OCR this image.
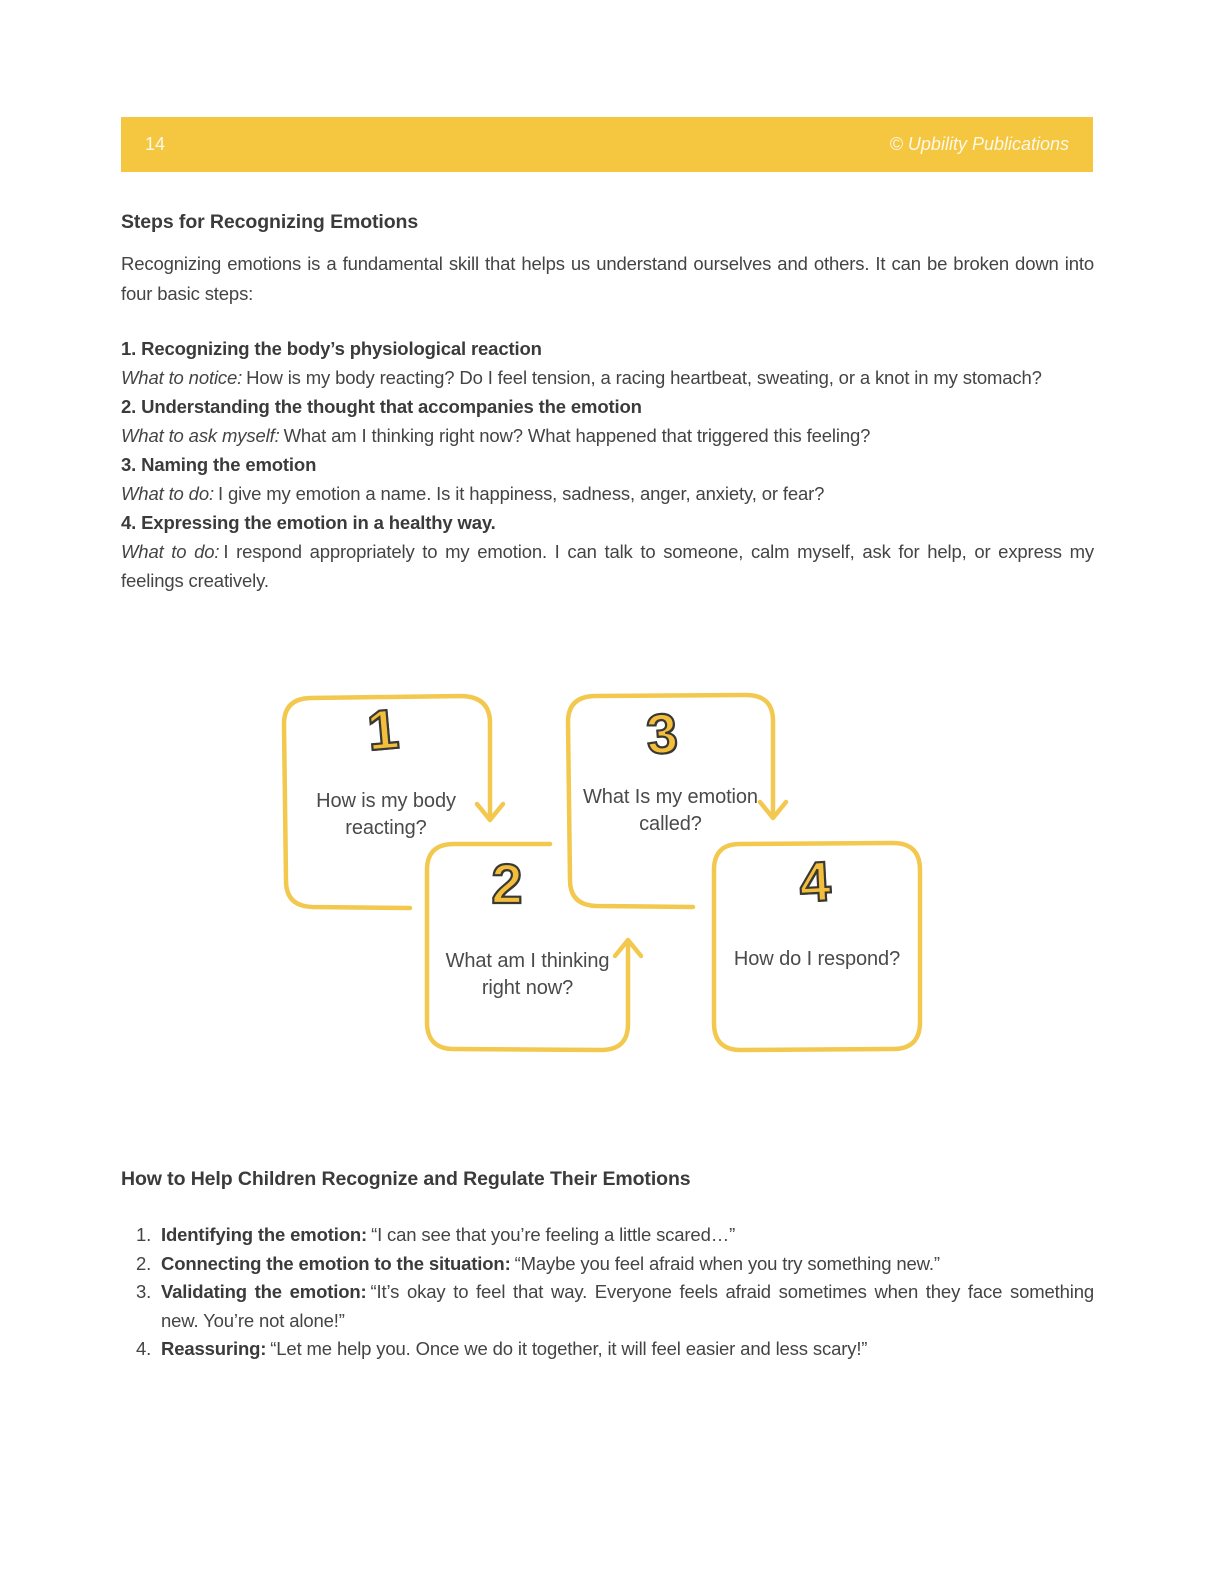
14	© Upbility Publications
Steps for Recognizing Emotions

Recognizing emotions is a fundamental skill that helps us understand ourselves and others. It can be broken down into four basic steps:

1. Recognizing the body’s physiological reaction
What to notice: How is my body reacting? Do I feel tension, a racing heartbeat, sweating, or a knot in my stomach?
2. Understanding the thought that accompanies the emotion
What to ask myself: What am I thinking right now? What happened that triggered this feeling?
3. Naming the emotion
What to do: I give my emotion a name. Is it happiness, sadness, anger, anxiety, or fear?
4. Expressing the emotion in a healthy way.
What to do: I respond appropriately to my emotion. I can talk to someone, calm myself, ask for help, or express my feelings creatively.
1
2
3
4
How is my body reacting?
What am I thinking right now?
What Is my emotion called?
How do I respond?
How to Help Children Recognize and Regulate Their Emotions
1. Identifying the emotion: “I can see that you’re feeling a little scared…”
2. Connecting the emotion to the situation: “Maybe you feel afraid when you try something new.”
3. Validating the emotion: “It’s okay to feel that way. Everyone feels afraid sometimes when they face something new. You’re not alone!”
4. Reassuring: “Let me help you. Once we do it together, it will feel easier and less scary!”
